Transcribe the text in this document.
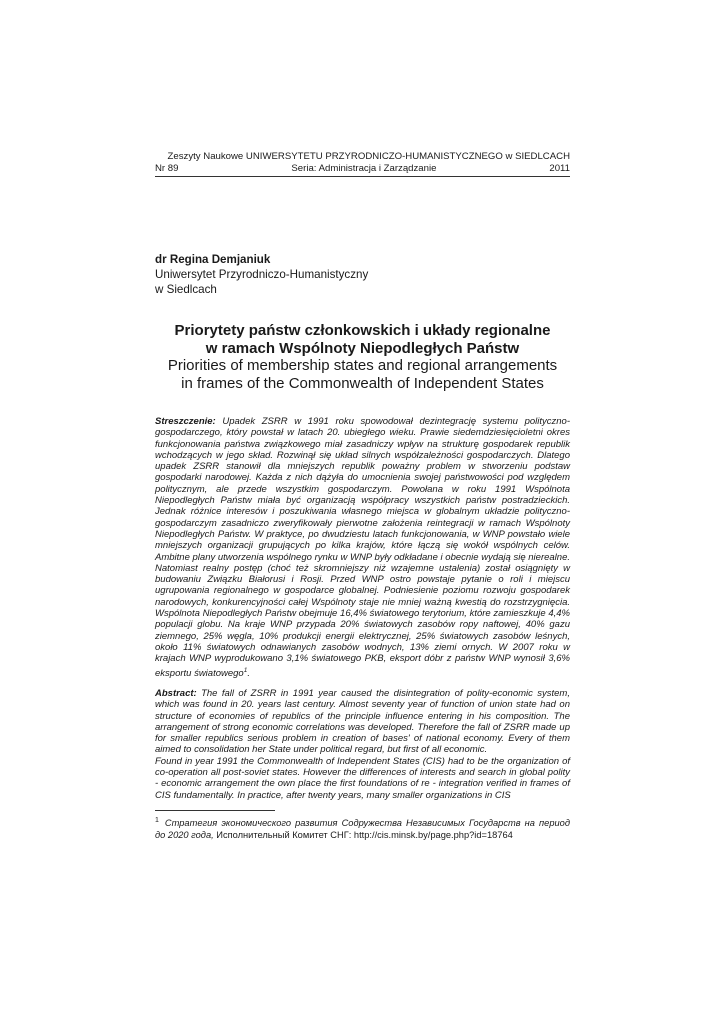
Zeszyty Naukowe UNIWERSYTETU PRZYRODNICZO-HUMANISTYCZNEGO w SIEDLCACH
Nr 89	Seria: Administracja i Zarządzanie	2011
dr Regina Demjaniuk
Uniwersytet Przyrodniczo-Humanistyczny
w Siedlcach
Priorytety państw członkowskich i układy regionalne
w ramach Wspólnoty Niepodległych Państw
Priorities of membership states and regional arrangements
in frames of the Commonwealth of Independent States
Streszczenie: Upadek ZSRR w 1991 roku spowodował dezintegrację systemu polityczno-gospodarczego, który powstał w latach 20. ubiegłego wieku. Prawie siedemdziesięcioletni okres funkcjonowania państwa związkowego miał zasadniczy wpływ na strukturę gospodarek republik wchodzących w jego skład. Rozwinął się układ silnych współzależności gospodarczych. Dlatego upadek ZSRR stanowił dla mniejszych republik poważny problem w stworzeniu podstaw gospodarki narodowej. Każda z nich dążyła do umocnienia swojej państwowości pod względem politycznym, ale przede wszystkim gospodarczym. Powołana w roku 1991 Wspólnota Niepodległych Państw miała być organizacją współpracy wszystkich państw postradzieckich. Jednak różnice interesów i poszukiwania własnego miejsca w globalnym układzie polityczno-gospodarczym zasadniczo zweryfikowały pierwotne założenia reintegracji w ramach Wspólnoty Niepodległych Państw. W praktyce, po dwudziestu latach funkcjonowania, w WNP powstało wiele mniejszych organizacji grupujących po kilka krajów, które łączą się wokół wspólnych celów. Ambitne plany utworzenia wspólnego rynku w WNP były odkładane i obecnie wydają się nierealne. Natomiast realny postęp (choć też skromniejszy niż wzajemne ustalenia) został osiągnięty w budowaniu Związku Białorusi i Rosji. Przed WNP ostro powstaje pytanie o roli i miejscu ugrupowania regionalnego w gospodarce globalnej. Podniesienie poziomu rozwoju gospodarek narodowych, konkurencyjności całej Wspólnoty staje nie mniej ważną kwestią do rozstrzygnięcia. Wspólnota Niepodległych Państw obejmuje 16,4% światowego terytorium, które zamieszkuje 4,4% populacji globu. Na kraje WNP przypada 20% światowych zasobów ropy naftowej, 40% gazu ziemnego, 25% węgla, 10% produkcji energii elektrycznej, 25% światowych zasobów leśnych, około 11% światowych odnawianych zasobów wodnych, 13% ziemi ornych. W 2007 roku w krajach WNP wyprodukowano 3,1% światowego PKB, eksport dóbr z państw WNP wynosił 3,6% eksportu światowego$^1$.
Abstract: The fall of ZSRR in 1991 year caused the disintegration of polity-economic system, which was found in 20. years last century. Almost seventy year of function of union state had on structure of economies of republics of the principle influence entering in his composition. The arrangement of strong economic correlations was developed. Therefore the fall of ZSRR made up for smaller republics serious problem in creation of bases' of national economy. Every of them aimed to consolidation her State under political regard, but first of all economic.
Found in year 1991 the Commonwealth of Independent States (CIS) had to be the organization of co-operation all post-soviet states. However the differences of interests and search in global polity - economic arrangement the own place the first foundations of re - integration verified in frames of CIS fundamentally. In practice, after twenty years, many smaller organizations in CIS
$^1$ Стратегия экономического развития Содружества Независимых Государств на период до 2020 года, Исполнительный Комитет СНГ: http://cis.minsk.by/page.php?id=18764
